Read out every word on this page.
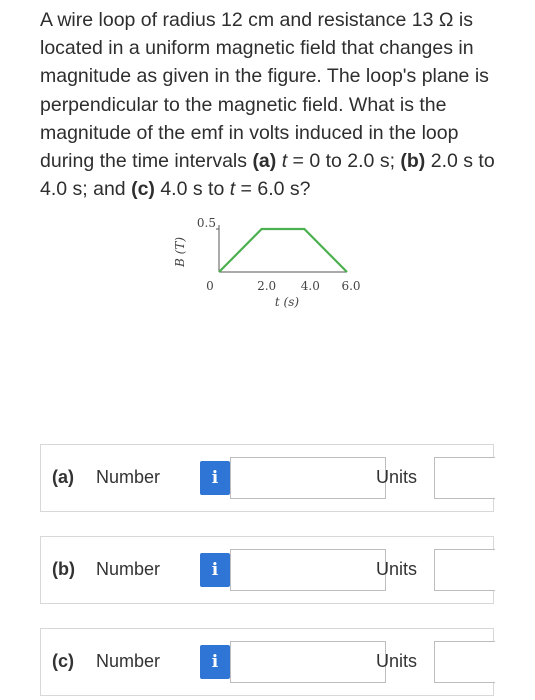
A wire loop of radius 12 cm and resistance 13 Ω is located in a uniform magnetic field that changes in magnitude as given in the figure. The loop's plane is perpendicular to the magnetic field. What is the magnitude of the emf in volts induced in the loop during the time intervals (a) t = 0 to 2.0 s; (b) 2.0 s to 4.0 s; and (c) 4.0 s to t = 6.0 s?
0	2.0 4.0 6.0
0.5
t (s)
B (T)
(a) Number	i	Units
(b) Number	i	Units
(c) Number	i	Units
